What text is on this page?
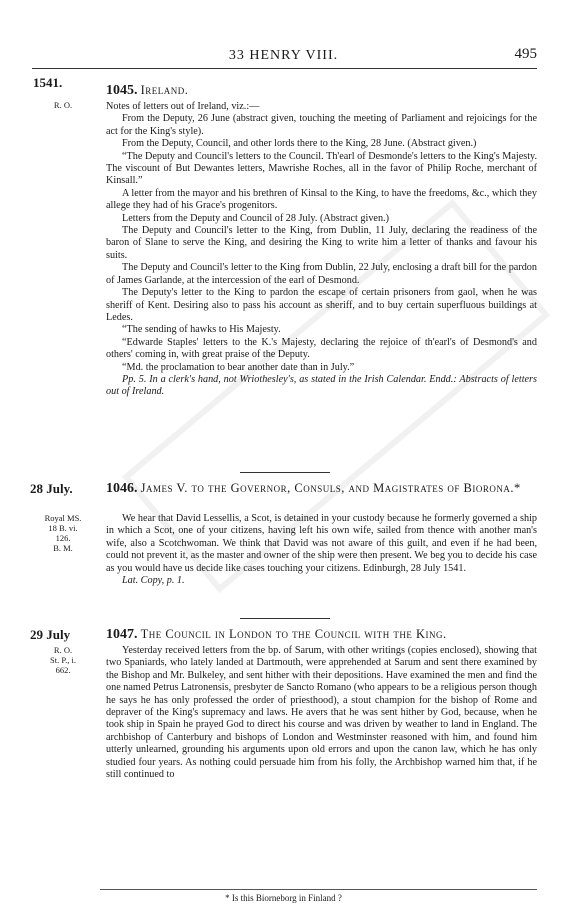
33 HENRY VIII.	495
1541.
R. O.
1045. Ireland.

Notes of letters out of Ireland, viz.:—

From the Deputy, 26 June (abstract given, touching the meeting of Parliament and rejoicings for the act for the King's style).

From the Deputy, Council, and other lords there to the King, 28 June. (Abstract given.)

“The Deputy and Council's letters to the Council. Th'earl of Desmonde's letters to the King's Majesty. The viscount of But Dewantes letters, Mawrishe Roches, all in the favor of Philip Roche, merchant of Kinsall.”

A letter from the mayor and his brethren of Kinsal to the King, to have the freedoms, &c., which they allege they had of his Grace's progenitors.

Letters from the Deputy and Council of 28 July. (Abstract given.)

The Deputy and Council's letter to the King, from Dublin, 11 July, declaring the readiness of the baron of Slane to serve the King, and desiring the King to write him a letter of thanks and favour his suits.

The Deputy and Council's letter to the King from Dublin, 22 July, enclosing a draft bill for the pardon of James Garlande, at the intercession of the earl of Desmond.

The Deputy's letter to the King to pardon the escape of certain prisoners from gaol, when he was sheriff of Kent. Desiring also to pass his account as sheriff, and to buy certain superfluous buildings at Ledes.

“The sending of hawks to His Majesty.

“Edwarde Staples' letters to the K.'s Majesty, declaring the rejoice of th'earl's of Desmond's and others' coming in, with great praise of the Deputy.

“Md. the proclamation to bear another date than in July.”

Pp. 5. In a clerk's hand, not Wriothesley's, as stated in the Irish Calendar. Endd.: Abstracts of letters out of Ireland.

28 July.
Royal MS.
18 B. vi.
126.
B. M.
1046. James V. to the Governor, Consuls, and Magistrates of Biorona.*

We hear that David Lessellis, a Scot, is detained in your custody because he formerly governed a ship in which a Scot, one of your citizens, having left his own wife, sailed from thence with another man's wife, also a Scotchwoman. We think that David was not aware of this guilt, and even if he had been, could not prevent it, as the master and owner of the ship were then present. We beg you to decide his case as you would have us decide like cases touching your citizens. Edinburgh, 28 July 1541.

Lat. Copy, p. 1.

29 July
R. O.
St. P., i.
662.
1047. The Council in London to the Council with the King.

Yesterday received letters from the bp. of Sarum, with other writings (copies enclosed), showing that two Spaniards, who lately landed at Dartmouth, were apprehended at Sarum and sent there examined by the Bishop and Mr. Bulkeley, and sent hither with their depositions. Have examined the men and find the one named Petrus Latronensis, presbyter de Sancto Romano (who appears to be a religious person though he says he has only professed the order of priesthood), a stout champion for the bishop of Rome and depraver of the King's supremacy and laws. He avers that he was sent hither by God, because, when he took ship in Spain he prayed God to direct his course and was driven by weather to land in England. The archbishop of Canterbury and bishops of London and Westminster reasoned with him, and found him utterly unlearned, grounding his arguments upon old errors and upon the canon law, which he has only studied four years. As nothing could persuade him from his folly, the Archbishop warned him that, if he still continued to

* Is this Biorneborg in Finland ?
